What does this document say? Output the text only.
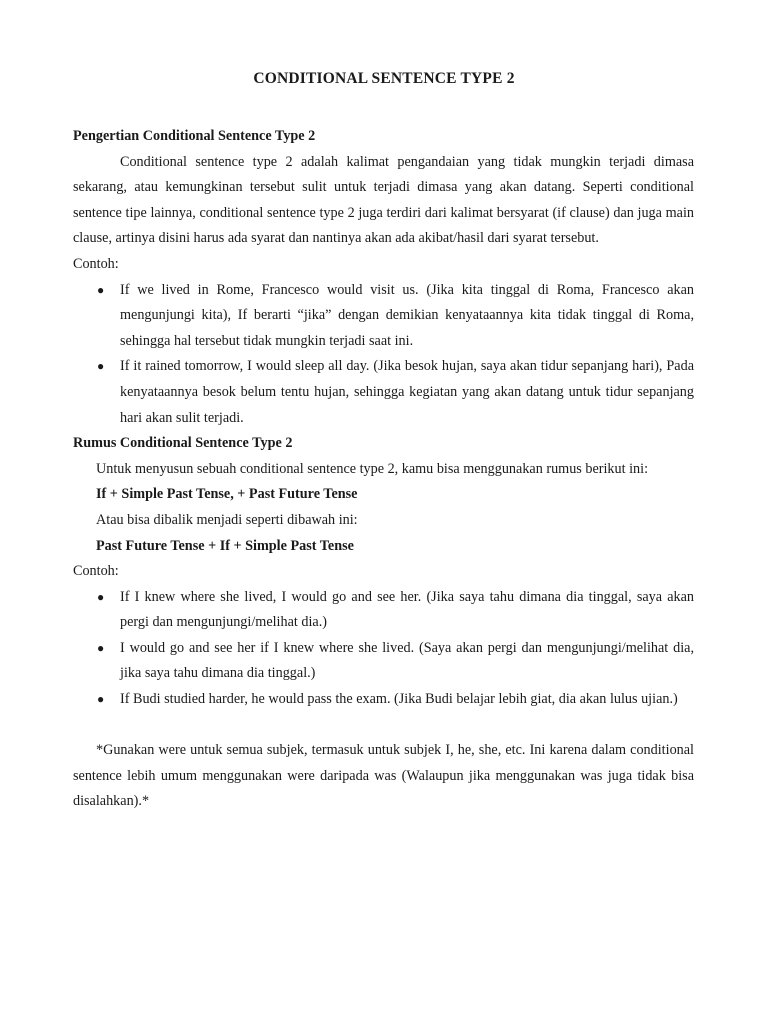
CONDITIONAL SENTENCE TYPE 2

Pengertian Conditional Sentence Type 2

Conditional sentence type 2 adalah kalimat pengandaian yang tidak mungkin terjadi dimasa sekarang, atau kemungkinan tersebut sulit untuk terjadi dimasa yang akan datang. Seperti conditional sentence tipe lainnya, conditional sentence type 2 juga terdiri dari kalimat bersyarat (if clause) dan juga main clause, artinya disini harus ada syarat dan nantinya akan ada akibat/hasil dari syarat tersebut.

Contoh:

● If we lived in Rome, Francesco would visit us. (Jika kita tinggal di Roma, Francesco akan mengunjungi kita), If berarti “jika” dengan demikian kenyataannya kita tidak tinggal di Roma, sehingga hal tersebut tidak mungkin terjadi saat ini.
● If it rained tomorrow, I would sleep all day. (Jika besok hujan, saya akan tidur sepanjang hari), Pada kenyataannya besok belum tentu hujan, sehingga kegiatan yang akan datang untuk tidur sepanjang hari akan sulit terjadi.

Rumus Conditional Sentence Type 2

Untuk menyusun sebuah conditional sentence type 2, kamu bisa menggunakan rumus berikut ini:

If + Simple Past Tense, + Past Future Tense

Atau bisa dibalik menjadi seperti dibawah ini:

Past Future Tense + If + Simple Past Tense

Contoh:

● If I knew where she lived, I would go and see her. (Jika saya tahu dimana dia tinggal, saya akan pergi dan mengunjungi/melihat dia.)
● I would go and see her if I knew where she lived. (Saya akan pergi dan mengunjungi/melihat dia, jika saya tahu dimana dia tinggal.)
● If Budi studied harder, he would pass the exam. (Jika Budi belajar lebih giat, dia akan lulus ujian.)

*Gunakan were untuk semua subjek, termasuk untuk subjek I, he, she, etc. Ini karena dalam conditional sentence lebih umum menggunakan were daripada was (Walaupun jika menggunakan was juga tidak bisa disalahkan).*
